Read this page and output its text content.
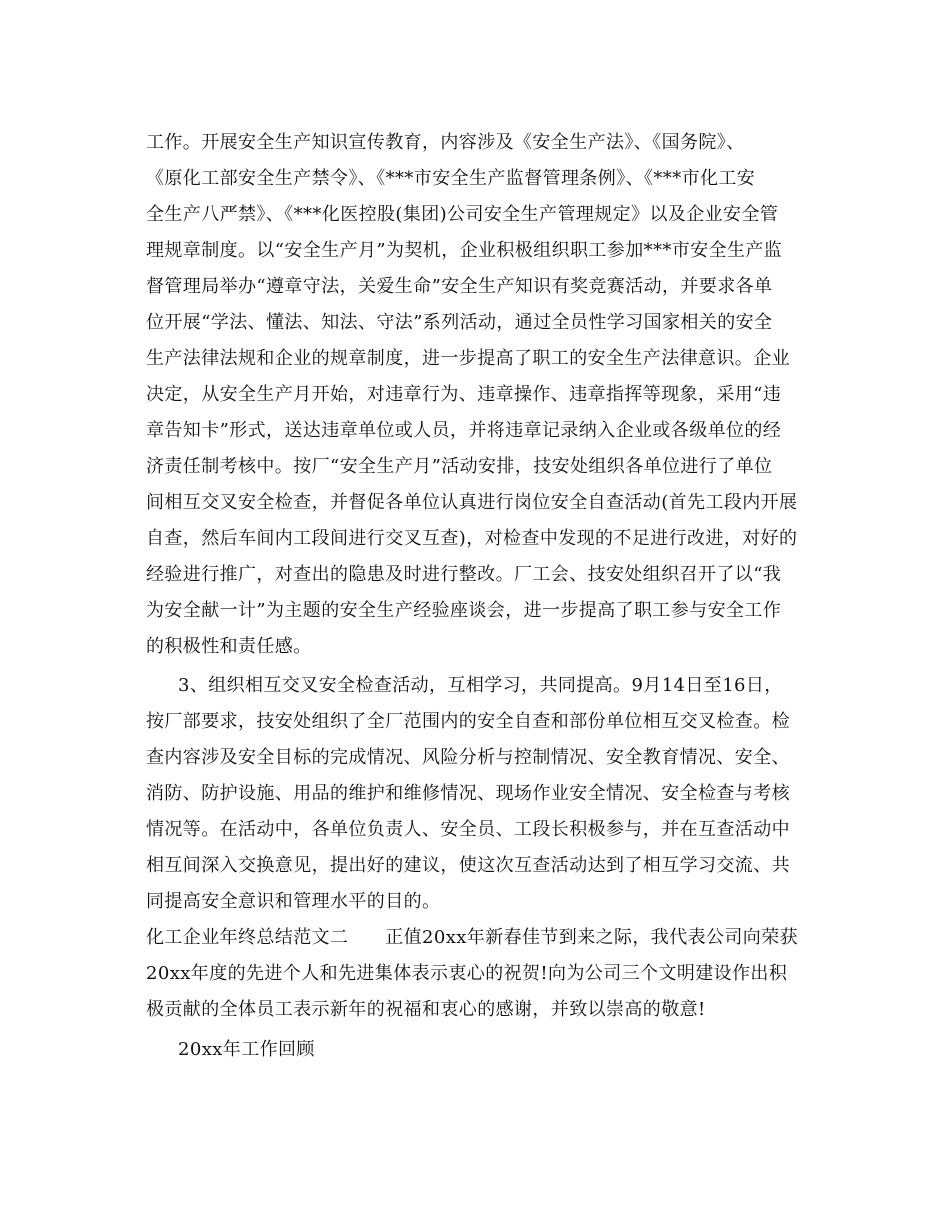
工作。开展安全生产知识宣传教育，内容涉及《安全生产法》、《国务院》、
《原化工部安全生产禁令》、《***市安全生产监督管理条例》、《***市化工安
全生产八严禁》、《***化医控股(集团)公司安全生产管理规定》以及企业安全管
理规章制度。以“安全生产月”为契机，企业积极组织职工参加***市安全生产监
督管理局举办“遵章守法，关爱生命”安全生产知识有奖竞赛活动，并要求各单
位开展“学法、懂法、知法、守法”系列活动，通过全员性学习国家相关的安全
生产法律法规和企业的规章制度，进一步提高了职工的安全生产法律意识。企业
决定，从安全生产月开始，对违章行为、违章操作、违章指挥等现象，采用“违
章告知卡”形式，送达违章单位或人员，并将违章记录纳入企业或各级单位的经
济责任制考核中。按厂“安全生产月”活动安排，技安处组织各单位进行了单位
间相互交叉安全检查，并督促各单位认真进行岗位安全自查活动(首先工段内开展
自查，然后车间内工段间进行交叉互查)，对检查中发现的不足进行改进，对好的
经验进行推广，对查出的隐患及时进行整改。厂工会、技安处组织召开了以“我
为安全献一计”为主题的安全生产经验座谈会，进一步提高了职工参与安全工作
的积极性和责任感。
3、组织相互交叉安全检查活动，互相学习，共同提高。9月14日至16日，
按厂部要求，技安处组织了全厂范围内的安全自查和部份单位相互交叉检查。检
查内容涉及安全目标的完成情况、风险分析与控制情况、安全教育情况、安全、
消防、防护设施、用品的维护和维修情况、现场作业安全情况、安全检查与考核
情况等。在活动中，各单位负责人、安全员、工段长积极参与，并在互查活动中
相互间深入交换意见，提出好的建议，使这次互查活动达到了相互学习交流、共
同提高安全意识和管理水平的目的。
化工企业年终总结范文二　　正值20xx年新春佳节到来之际，我代表公司向荣获
20xx年度的先进个人和先进集体表示衷心的祝贺!向为公司三个文明建设作出积
极贡献的全体员工表示新年的祝福和衷心的感谢，并致以崇高的敬意!
20xx年工作回顾
